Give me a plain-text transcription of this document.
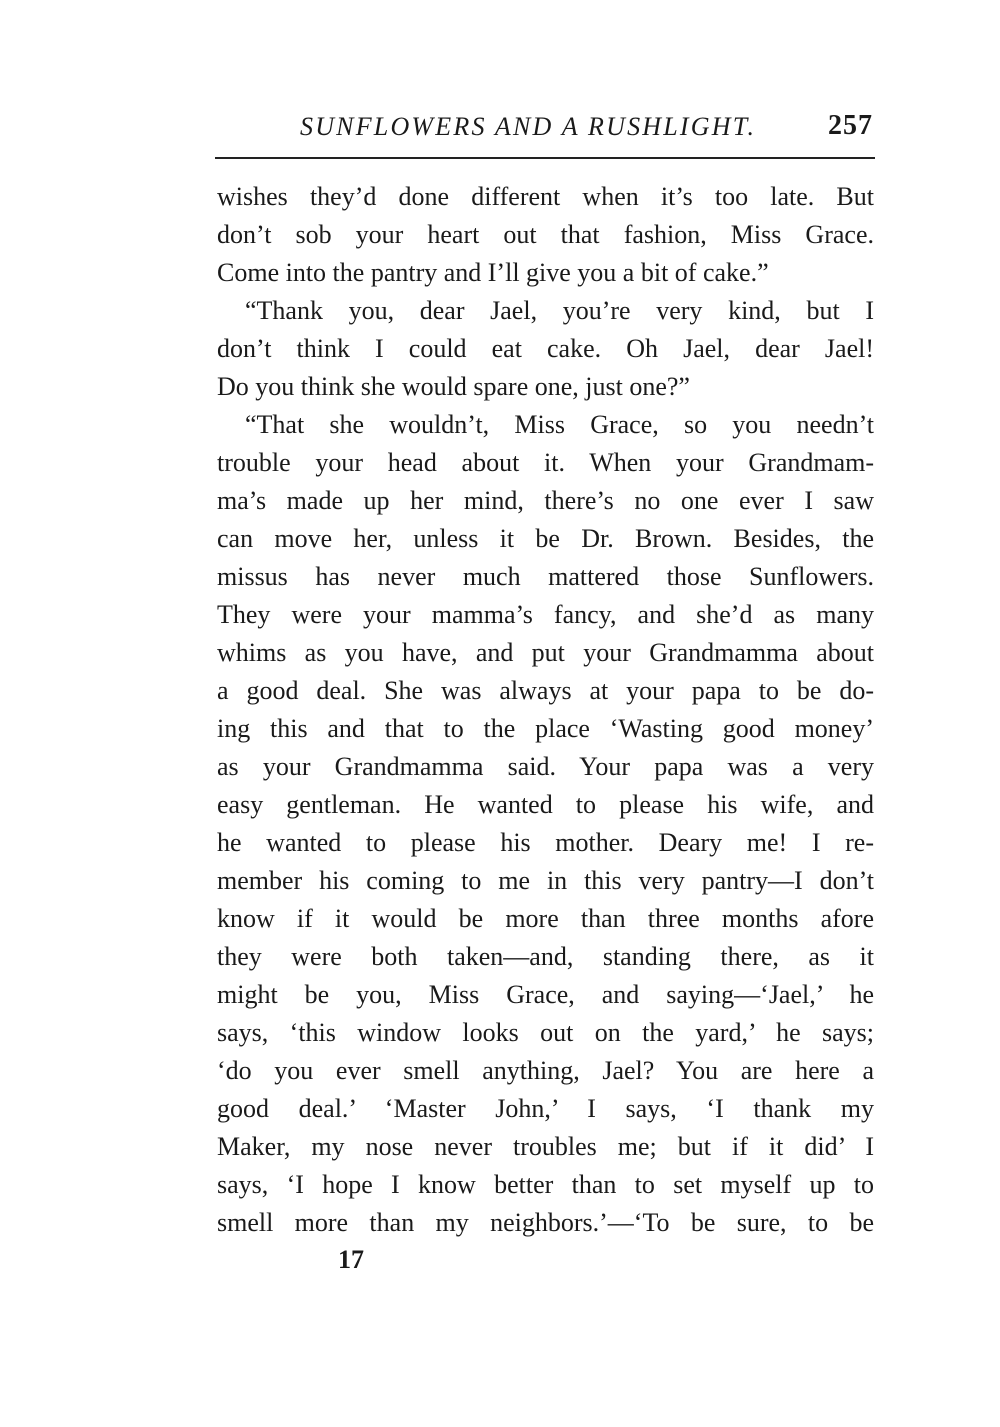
SUNFLOWERS AND A RUSHLIGHT.	257
wishes they’d done different when it’s too late. But
don’t sob your heart out that fashion, Miss Grace.
Come into the pantry and I’ll give you a bit of cake.”
“Thank you, dear Jael, you’re very kind, but I
don’t think I could eat cake. Oh Jael, dear Jael!
Do you think she would spare one, just one?”
“That she wouldn’t, Miss Grace, so you needn’t
trouble your head about it. When your Grandmam-
ma’s made up her mind, there’s no one ever I saw
can move her, unless it be Dr. Brown. Besides, the
missus has never much mattered those Sunflowers.
They were your mamma’s fancy, and she’d as many
whims as you have, and put your Grandmamma about
a good deal. She was always at your papa to be do-
ing this and that to the place ‘Wasting good money’
as your Grandmamma said. Your papa was a very
easy gentleman. He wanted to please his wife, and
he wanted to please his mother. Deary me! I re-
member his coming to me in this very pantry—I don’t
know if it would be more than three months afore
they were both taken—and, standing there, as it
might be you, Miss Grace, and saying—‘Jael,’ he
says, ‘this window looks out on the yard,’ he says;
‘do you ever smell anything, Jael? You are here a
good deal.’ ‘Master John,’ I says, ‘I thank my
Maker, my nose never troubles me; but if it did’ I
says, ‘I hope I know better than to set myself up to
smell more than my neighbors.’—‘To be sure, to be
17
